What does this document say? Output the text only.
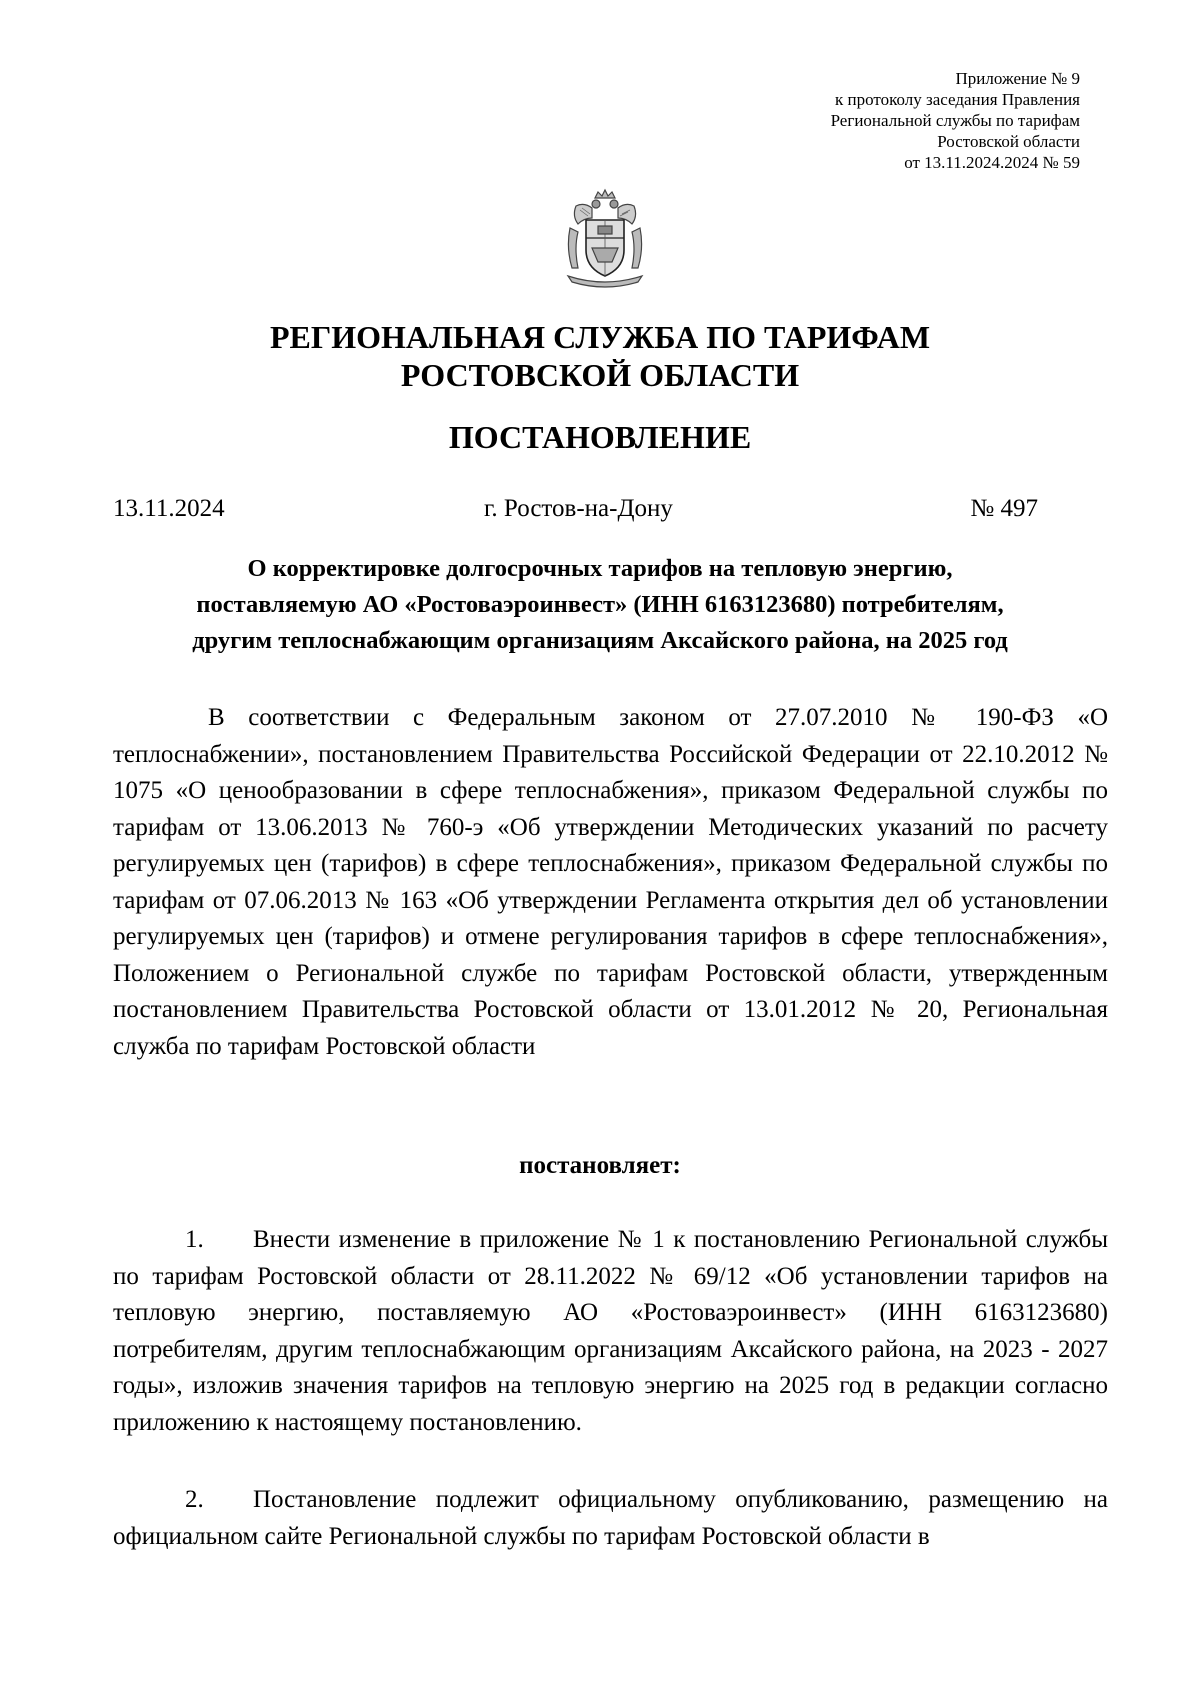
Приложение № 9
к протоколу заседания Правления
Региональной службы по тарифам
Ростовской области
от 13.11.2024.2024 № 59
РЕГИОНАЛЬНАЯ СЛУЖБА ПО ТАРИФАМ
РОСТОВСКОЙ ОБЛАСТИ
ПОСТАНОВЛЕНИЕ
13.11.2024	г. Ростов-на-Дону	№ 497
О корректировке долгосрочных тарифов на тепловую энергию,
поставляемую АО «Ростоваэроинвест» (ИНН 6163123680) потребителям,
другим теплоснабжающим организациям Аксайского района, на 2025 год
В соответствии с Федеральным законом от 27.07.2010 № 190-ФЗ «О теплоснабжении», постановлением Правительства Российской Федерации от 22.10.2012 № 1075 «О ценообразовании в сфере теплоснабжения», приказом Федеральной службы по тарифам от 13.06.2013 № 760-э «Об утверждении Методических указаний по расчету регулируемых цен (тарифов) в сфере теплоснабжения», приказом Федеральной службы по тарифам от 07.06.2013 № 163 «Об утверждении Регламента открытия дел об установлении регулируемых цен (тарифов) и отмене регулирования тарифов в сфере теплоснабжения», Положением о Региональной службе по тарифам Ростовской области, утвержденным постановлением Правительства Ростовской области от 13.01.2012 № 20, Региональная служба по тарифам Ростовской области
постановляет:
1. Внести изменение в приложение № 1 к постановлению Региональной службы по тарифам Ростовской области от 28.11.2022 № 69/12 «Об установлении тарифов на тепловую энергию, поставляемую АО «Ростоваэроинвест» (ИНН 6163123680) потребителям, другим теплоснабжающим организациям Аксайского района, на 2023 - 2027 годы», изложив значения тарифов на тепловую энергию на 2025 год в редакции согласно приложению к настоящему постановлению.
2. Постановление подлежит официальному опубликованию, размещению на официальном сайте Региональной службы по тарифам Ростовской области в
